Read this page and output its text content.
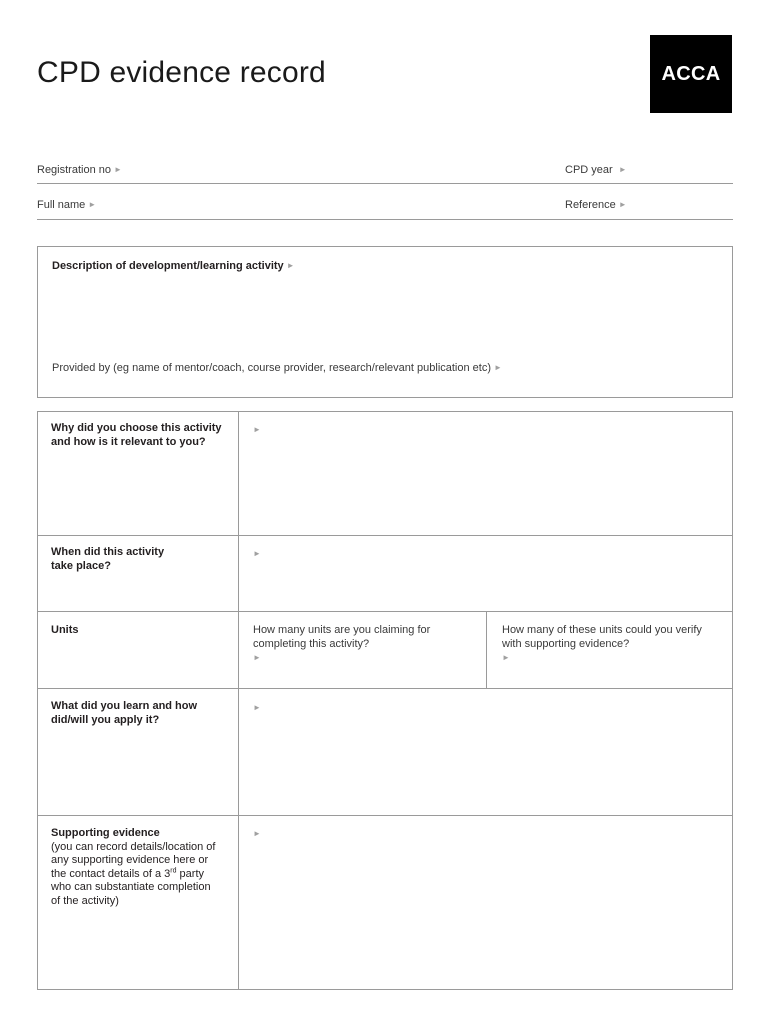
CPD evidence record	ACCA
Registration no ►	CPD year ►
Full name ►	Reference ►
Description of development/learning activity ►
Provided by (eg name of mentor/coach, course provider, research/relevant publication etc) ►
Why did you choose this activity
and how is it relevant to you?
►
When did this activity
take place?
►
Units	How many units are you claiming for
completing this activity?
►
How many of these units could you verify
with supporting evidence?
►
What did you learn and how
did/will you apply it?
►
Supporting evidence
(you can record details/location of
any supporting evidence here or
the contact details of a 3rd party
who can substantiate completion
of the activity)
►
